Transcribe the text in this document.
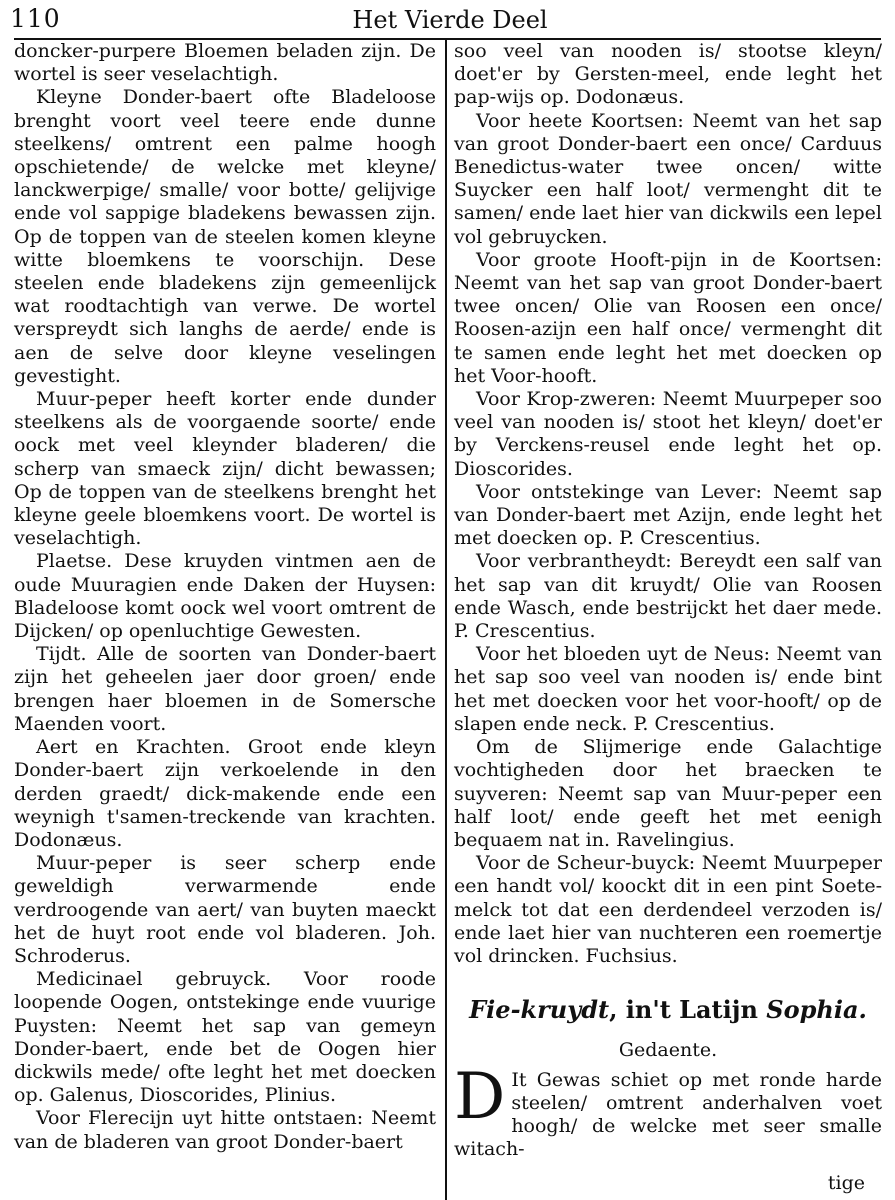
110	Het Vierde Deel

doncker-purpere Bloemen beladen zijn. De wortel is seer veselachtigh.

Kleyne Donder-baert ofte Bladeloose brenght voort veel teere ende dunne steelkens/ omtrent een palme hoogh opschietende/ de welcke met kleyne/ lanckwerpige/ smalle/ voor botte/ gelijvige ende vol sappige bladekens bewassen zijn. Op de toppen van de steelen komen kleyne witte bloemkens te voorschijn. Dese steelen ende bladekens zijn gemeenlijck wat roodtachtigh van verwe. De wortel verspreydt sich langhs de aerde/ ende is aen de selve door kleyne veselingen gevestight.

Muur-peper heeft korter ende dunder steelkens als de voorgaende soorte/ ende oock met veel kleynder bladeren/ die scherp van smaeck zijn/ dicht bewassen; Op de toppen van de steelkens brenght het kleyne geele bloemkens voort. De wortel is veselachtigh.

Plaetse. Dese kruyden vintmen aen de oude Muuragien ende Daken der Huysen: Bladeloose komt oock wel voort omtrent de Dijcken/ op openluchtige Gewesten.

Tijdt. Alle de soorten van Donder-baert zijn het geheelen jaer door groen/ ende brengen haer bloemen in de Somersche Maenden voort.

Aert en Krachten. Groot ende kleyn Donder-baert zijn verkoelende in den derden graedt/ dick-makende ende een weynigh t'samen-treckende van krachten. Dodonæus.

Muur-peper is seer scherp ende geweldigh verwarmende ende verdroogende van aert/ van buyten maeckt het de huyt root ende vol bladeren. Joh. Schroderus.

Medicinael gebruyck. Voor roode loopende Oogen, ontstekinge ende vuurige Puysten: Neemt het sap van gemeyn Donder-baert, ende bet de Oogen hier dickwils mede/ ofte leght het met doecken op. Galenus, Dioscorides, Plinius.

Voor Flerecijn uyt hitte ontstaen: Neemt van de bladeren van groot Donder-baert

soo veel van nooden is/ stootse kleyn/ doet'er by Gersten-meel, ende leght het pap-wijs op. Dodonæus.

Voor heete Koortsen: Neemt van het sap van groot Donder-baert een once/ Carduus Benedictus-water twee oncen/ witte Suycker een half loot/ vermenght dit te samen/ ende laet hier van dickwils een lepel vol gebruycken.

Voor groote Hooft-pijn in de Koortsen: Neemt van het sap van groot Donder-baert twee oncen/ Olie van Roosen een once/ Roosen-azijn een half once/ vermenght dit te samen ende leght het met doecken op het Voor-hooft.

Voor Krop-zweren: Neemt Muurpeper soo veel van nooden is/ stoot het kleyn/ doet'er by Verckens-reusel ende leght het op. Dioscorides.

Voor ontstekinge van Lever: Neemt sap van Donder-baert met Azijn, ende leght het met doecken op. P. Crescentius.

Voor verbrantheydt: Bereydt een salf van het sap van dit kruydt/ Olie van Roosen ende Wasch, ende bestrijckt het daer mede. P. Crescentius.

Voor het bloeden uyt de Neus: Neemt van het sap soo veel van nooden is/ ende bint het met doecken voor het voor-hooft/ op de slapen ende neck. P. Crescentius.

Om de Slijmerige ende Galachtige vochtigheden door het braecken te suyveren: Neemt sap van Muur-peper een half loot/ ende geeft het met eenigh bequaem nat in. Ravelingius.

Voor de Scheur-buyck: Neemt Muurpeper een handt vol/ koockt dit in een pint Soete-melck tot dat een derdendeel verzoden is/ ende laet hier van nuchteren een roemertje vol drincken. Fuchsius.

Fie-kruydt, in't Latijn Sophia.
Gedaente.

D It Gewas schiet op met ronde harde steelen/ omtrent anderhalven voet hoogh/ de welcke met seer smalle witach-

tige
